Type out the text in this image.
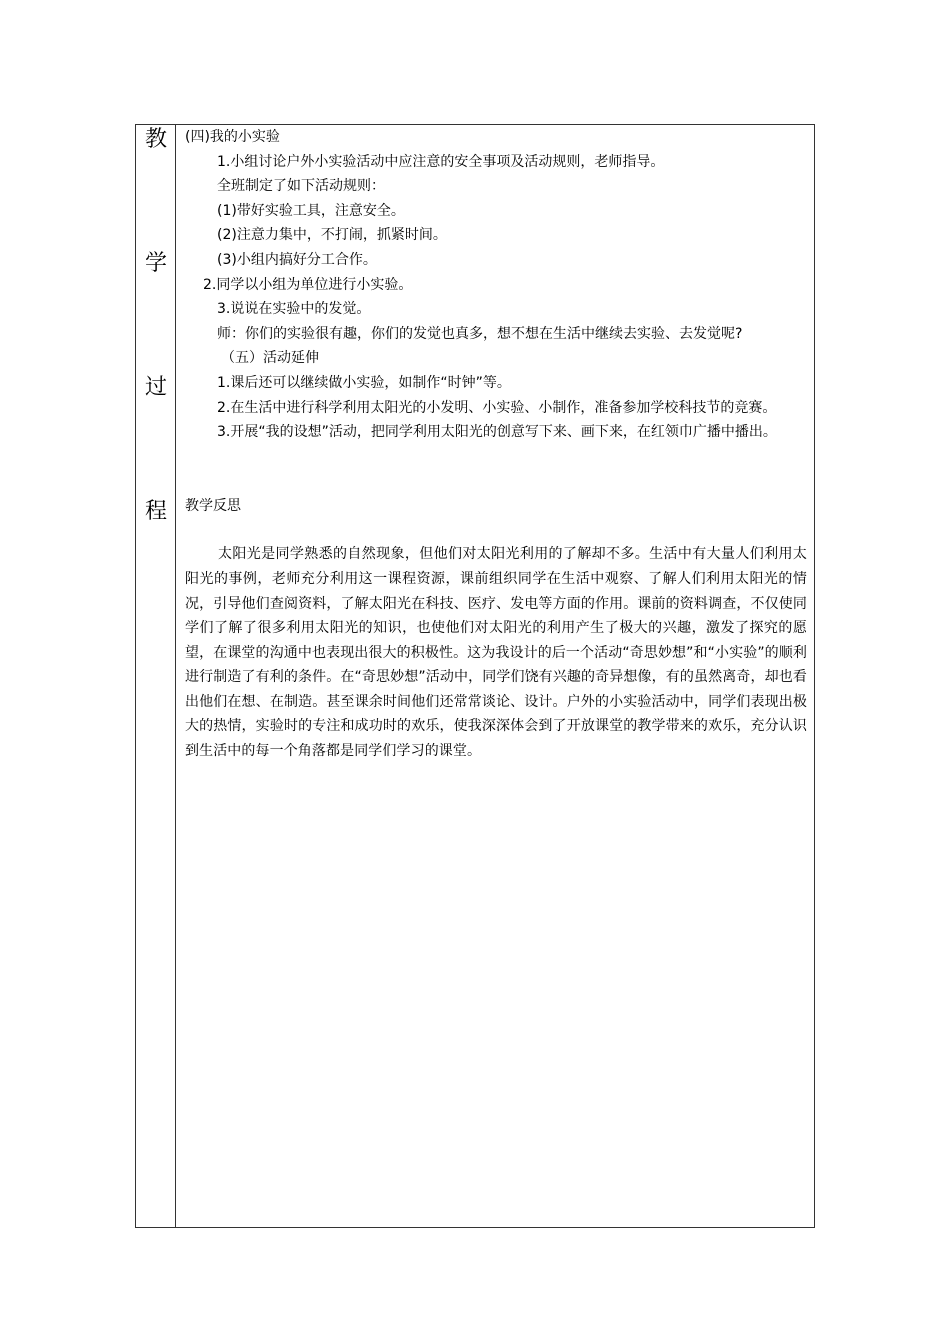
教
学
过
程
(四)我的小实验
1.小组讨论户外小实验活动中应注意的安全事项及活动规则，老师指导。
全班制定了如下活动规则：
(1)带好实验工具，注意安全。
(2)注意力集中，不打闹，抓紧时间。
(3)小组内搞好分工合作。
2.同学以小组为单位进行小实验。
3.说说在实验中的发觉。
师：你们的实验很有趣，你们的发觉也真多，想不想在生活中继续去实验、去发觉呢?
（五）活动延伸
1.课后还可以继续做小实验，如制作“时钟”等。
2.在生活中进行科学利用太阳光的小发明、小实验、小制作，准备参加学校科技节的竞赛。
3.开展“我的设想”活动，把同学利用太阳光的创意写下来、画下来，在红领巾广播中播出。
教学反思
太阳光是同学熟悉的自然现象，但他们对太阳光利用的了解却不多。生活中有大量人们利用太阳光的事例，老师充分利用这一课程资源，课前组织同学在生活中观察、了解人们利用太阳光的情况，引导他们查阅资料，了解太阳光在科技、医疗、发电等方面的作用。课前的资料调查，不仅使同学们了解了很多利用太阳光的知识，也使他们对太阳光的利用产生了极大的兴趣，激发了探究的愿望，在课堂的沟通中也表现出很大的积极性。这为我设计的后一个活动“奇思妙想”和“小实验”的顺利进行制造了有利的条件。在“奇思妙想”活动中，同学们饶有兴趣的奇异想像，有的虽然离奇，却也看出他们在想、在制造。甚至课余时间他们还常常谈论、设计。户外的小实验活动中，同学们表现出极大的热情，实验时的专注和成功时的欢乐，使我深深体会到了开放课堂的教学带来的欢乐，充分认识到生活中的每一个角落都是同学们学习的课堂。
